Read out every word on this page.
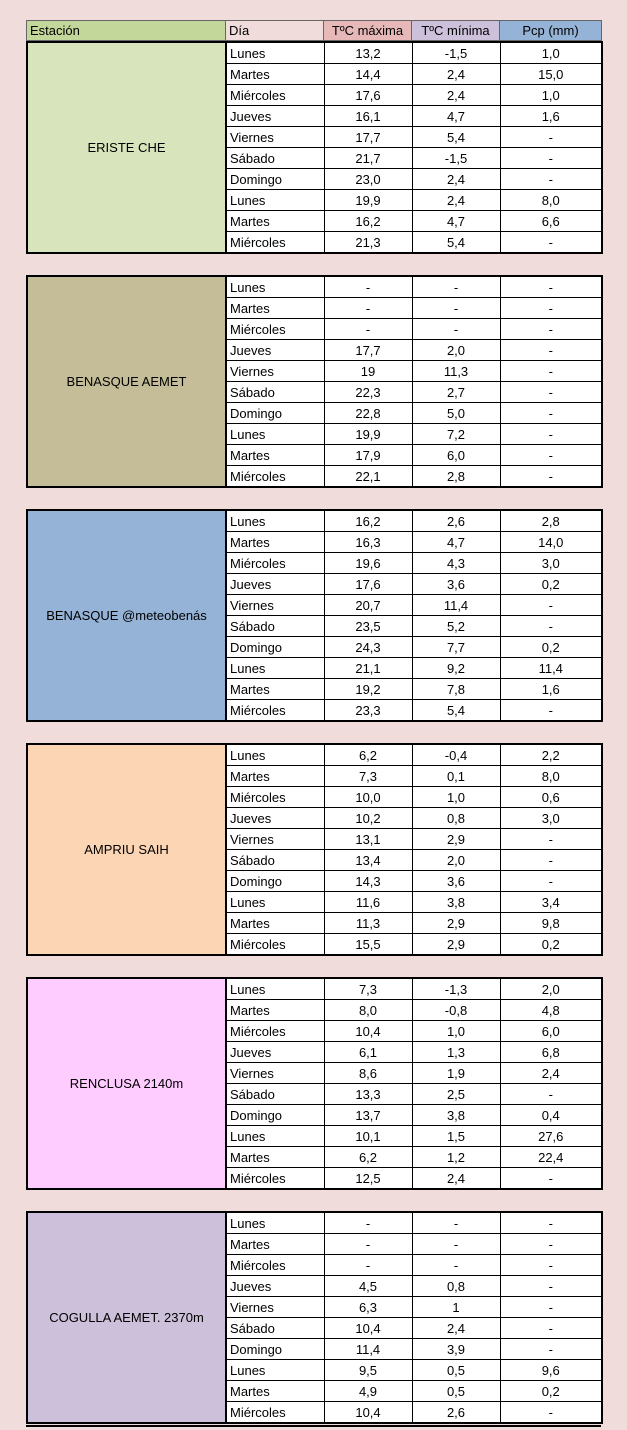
Estación	Día	TºC máxima	TºC mínima	Pcp (mm)
ERISTE CHE	Lunes	13,2	-1,5	1,0
	Martes	14,4	2,4	15,0
	Miércoles	17,6	2,4	1,0
	Jueves	16,1	4,7	1,6
	Viernes	17,7	5,4	-
	Sábado	21,7	-1,5	-
	Domingo	23,0	2,4	-
	Lunes	19,9	2,4	8,0
	Martes	16,2	4,7	6,6
	Miércoles	21,3	5,4	-
BENASQUE AEMET	Lunes	-	-	-
	Martes	-	-	-
	Miércoles	-	-	-
	Jueves	17,7	2,0	-
	Viernes	19	11,3	-
	Sábado	22,3	2,7	-
	Domingo	22,8	5,0	-
	Lunes	19,9	7,2	-
	Martes	17,9	6,0	-
	Miércoles	22,1	2,8	-
BENASQUE @meteobenás	Lunes	16,2	2,6	2,8
	Martes	16,3	4,7	14,0
	Miércoles	19,6	4,3	3,0
	Jueves	17,6	3,6	0,2
	Viernes	20,7	11,4	-
	Sábado	23,5	5,2	-
	Domingo	24,3	7,7	0,2
	Lunes	21,1	9,2	11,4
	Martes	19,2	7,8	1,6
	Miércoles	23,3	5,4	-
AMPRIU SAIH	Lunes	6,2	-0,4	2,2
	Martes	7,3	0,1	8,0
	Miércoles	10,0	1,0	0,6
	Jueves	10,2	0,8	3,0
	Viernes	13,1	2,9	-
	Sábado	13,4	2,0	-
	Domingo	14,3	3,6	-
	Lunes	11,6	3,8	3,4
	Martes	11,3	2,9	9,8
	Miércoles	15,5	2,9	0,2
RENCLUSA 2140m	Lunes	7,3	-1,3	2,0
	Martes	8,0	-0,8	4,8
	Miércoles	10,4	1,0	6,0
	Jueves	6,1	1,3	6,8
	Viernes	8,6	1,9	2,4
	Sábado	13,3	2,5	-
	Domingo	13,7	3,8	0,4
	Lunes	10,1	1,5	27,6
	Martes	6,2	1,2	22,4
	Miércoles	12,5	2,4	-
COGULLA AEMET. 2370m	Lunes	-	-	-
	Martes	-	-	-
	Miércoles	-	-	-
	Jueves	4,5	0,8	-
	Viernes	6,3	1	-
	Sábado	10,4	2,4	-
	Domingo	11,4	3,9	-
	Lunes	9,5	0,5	9,6
	Martes	4,9	0,5	0,2
	Miércoles	10,4	2,6	-
